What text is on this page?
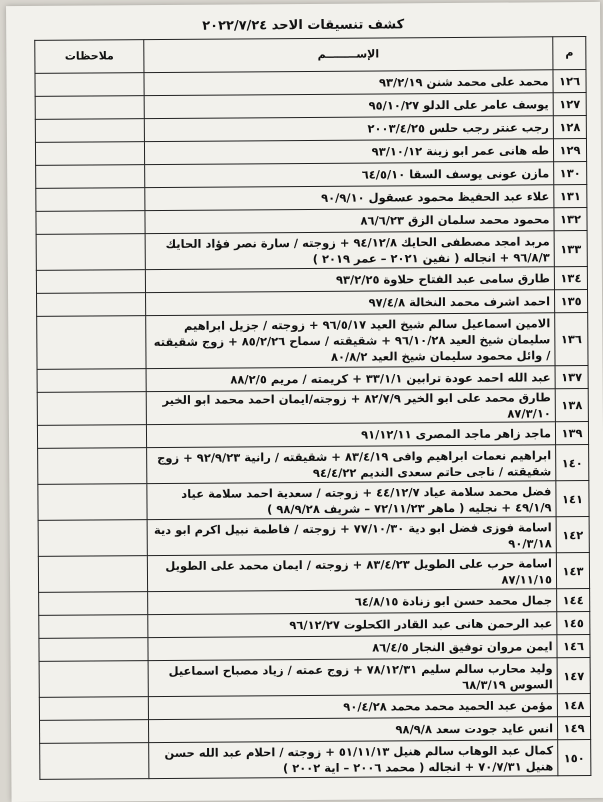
كشف تنسيقات الاحد ٢٠٢٢/٧/٢٤
م	الإســــــــم	ملاحظات
١٢٦	محمد على محمد شنن ٩٣/٢/١٩	

١٢٧	يوسف عامر على الدلو ٩٥/١٠/٢٧	

١٢٨	رجب عنتر رجب حلس ٢٠٠٣/٤/٢٥	

١٢٩	طه هانى عمر ابو زينة ٩٣/١٠/١٢	

١٣٠	مازن عونى يوسف السقا ٦٤/٥/١٠	

١٣١	علاء عبد الحفيظ محمود عسقول ٩٠/٩/١٠	

١٣٢	محمود محمد سلمان الزق ٨٦/٦/٢٣	

١٣٣	مربد امجد مصطفى الحايك ٩٤/١٢/٨ + زوجته / سارة نصر فؤاد الحايك ٩٦/٨/٣ + انجاله ( نفين ٢٠٢١ – عمر ٢٠١٩ )	

١٣٤	طارق سامى عبد الفتاح حلاوة ٩٣/٢/٢٥	

١٣٥	احمد اشرف محمد النخالة ٩٧/٤/٨	

١٣٦	الامين اسماعيل سالم شيخ العيد ٩٦/٥/١٧ + زوجته / جزيل ابراهيم سليمان شيخ العيد ٩٦/١٠/٢٨ + شقيقته / سماح ٨٥/٢/٢٦ + زوج شقيقته / وائل محمود سليمان شيخ العيد ٨٠/٨/٢	

١٣٧	عبد الله احمد عودة ترابين ٣٣/١/١ + كريمته / مريم ٨٨/٢/٥	

١٣٨	طارق محمد على ابو الخير ٨٢/٧/٩ + زوجته/ايمان احمد محمد ابو الخير ٨٧/٣/١٠	

١٣٩	ماجد زاهر ماجد المصرى ٩١/١٢/١١	

١٤٠	ابراهيم نعمات ابراهيم وافى ٨٣/٤/١٩ + شقيقته / رانية ٩٢/٩/٢٣ + زوج شقيقته / ناجى حاتم سعدى النديم ٩٤/٤/٢٢	

١٤١	فضل محمد سلامة عياد ٤٤/١٢/٧ + زوجته / سعدية احمد سلامة عياد ٤٩/١/٩ + نجليه ( ماهر ٧٢/١١/٢٣ – شريف ٩٨/٩/٢٨ )	

١٤٢	اسامة فوزى فضل ابو دية ٧٧/١٠/٣٠ + زوجته / فاطمة نبيل اكرم ابو دية ٩٠/٣/١٨	

١٤٣	اسامة حرب على الطويل ٨٣/٤/٢٣ + زوجته / ايمان محمد على الطويل ٨٧/١١/١٥	

١٤٤	جمال محمد حسن ابو زنادة ٦٤/٨/١٥	

١٤٥	عبد الرحمن هانى عبد القادر الكحلوت ٩٦/١٢/٢٧	

١٤٦	ايمن مروان توفيق النجار ٨٦/٤/٥	

١٤٧	وليد محارب سالم سليم ٧٨/١٢/٣١ + زوج عمته / زياد مصباح اسماعيل السوس ٦٨/٣/١٩	

١٤٨	مؤمن عبد الحميد محمد محمد ٩٠/٤/٢٨	

١٤٩	انس عايد جودت سعد ٩٨/٩/٨	

١٥٠	كمال عبد الوهاب سالم هنيل ٥١/١١/١٣ + زوجته / احلام عبد الله حسن هنيل ٧٠/٧/٣١ + انجاله ( محمد ٢٠٠٦ – اية ٢٠٠٢ )	
